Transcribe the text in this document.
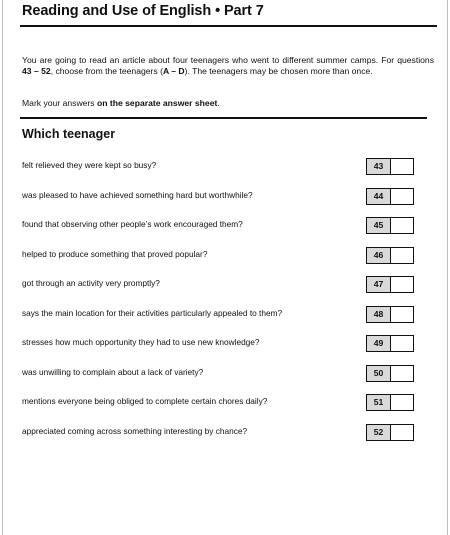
Reading and Use of English • Part 7
You are going to read an article about four teenagers who went to different summer camps. For questions 43 – 52, choose from the teenagers (A – D). The teenagers may be chosen more than once.
Mark your answers on the separate answer sheet.
Which teenager
felt relieved they were kept so busy?	43
was pleased to have achieved something hard but worthwhile?	44
found that observing other people’s work encouraged them?	45
helped to produce something that proved popular?	46
got through an activity very promptly?	47
says the main location for their activities particularly appealed to them?	48
stresses how much opportunity they had to use new knowledge?	49
was unwilling to complain about a lack of variety?	50
mentions everyone being obliged to complete certain chores daily?	51
appreciated coming across something interesting by chance?	52
